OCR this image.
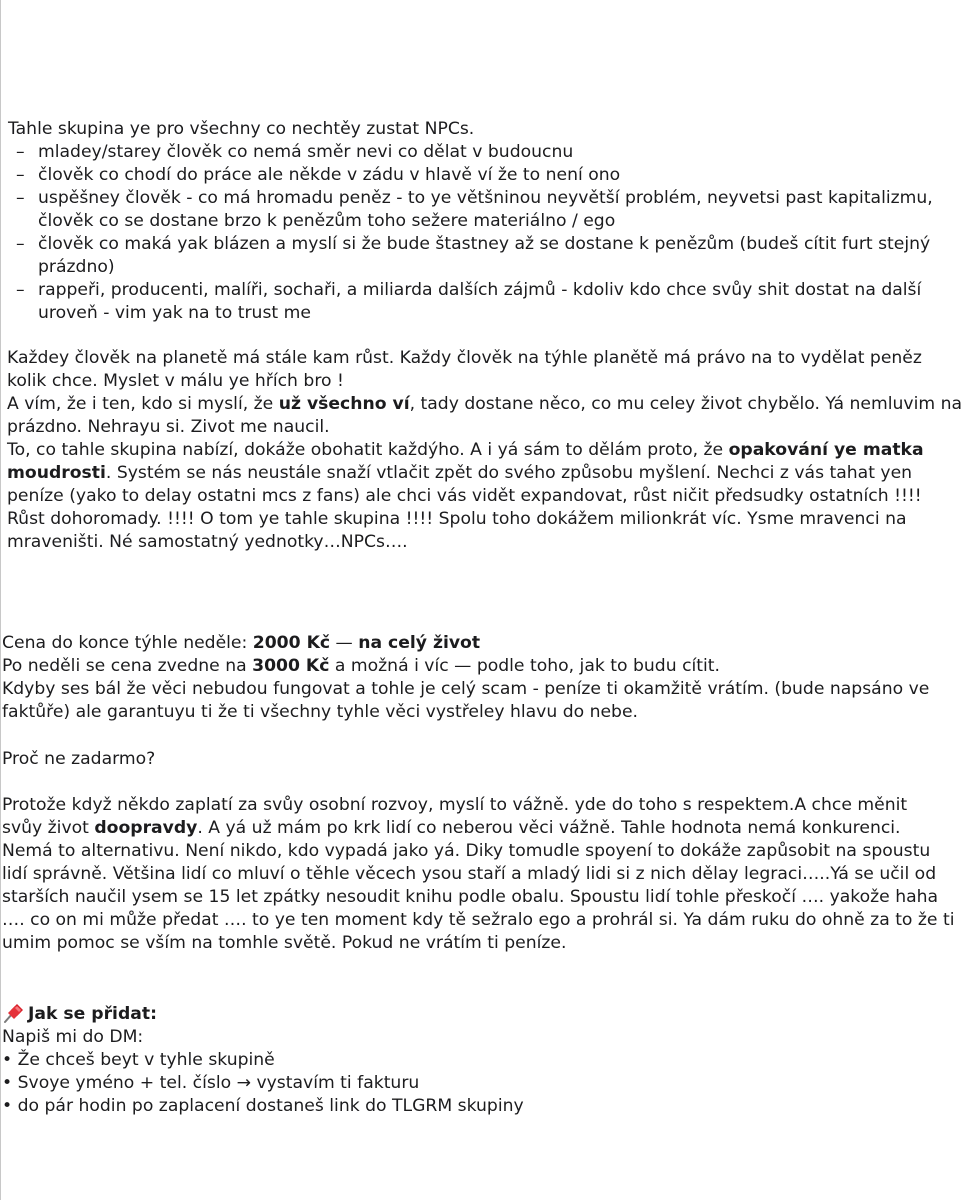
Tahle skupina ye pro všechny co nechtěy zustat NPCs.

– mladey/starey člověk co nemá směr nevi co dělat v budoucnu
– člověk co chodí do práce ale někde v zádu v hlavě ví že to není ono
– uspěšney člověk - co má hromadu peněz - to ye většninou neyvětší problém, neyvetsi past kapitalizmu,
člověk co se dostane brzo k penězům toho sežere materiálno / ego
– člověk co maká yak blázen a myslí si že bude štastney až se dostane k penězům (budeš cítit furt stejný
prázdno)
– rappeři, producenti, malíři, sochaři, a miliarda dalších zájmů - kdoliv kdo chce svůy shit dostat na další
uroveň - vim yak na to trust me

Každey člověk na planetě má stále kam růst. Každy člověk na týhle planětě má právo na to vydělat peněz

kolik chce. Myslet v málu ye hřích bro !

A vím, že i ten, kdo si myslí, že už všechno ví, tady dostane něco, co mu celey život chybělo. Yá nemluvim na

prázdno. Nehrayu si. Zivot me naucil.

To, co tahle skupina nabízí, dokáže obohatit každýho. A i yá sám to dělám proto, že opakování ye matka

moudrosti. Systém se nás neustále snaží vtlačit zpět do svého způsobu myšlení. Nechci z vás tahat yen

peníze (yako to delay ostatni mcs z fans) ale chci vás vidět expandovat, růst ničit předsudky ostatních !!!!

Růst dohoromady. !!!! O tom ye tahle skupina !!!! Spolu toho dokážem milionkrát víc. Ysme mravenci na

mraveništi. Né samostatný yednotky…NPCs….

Cena do konce týhle neděle: 2000 Kč — na celý život

Po neděli se cena zvedne na 3000 Kč a možná i víc — podle toho, jak to budu cítit.

Kdyby ses bál že věci nebudou fungovat a tohle je celý scam - peníze ti okamžitě vrátím. (bude napsáno ve

faktůře) ale garantuyu ti že ti všechny tyhle věci vystřeley hlavu do nebe.

Proč ne zadarmo?

Protože když někdo zaplatí za svůy osobní rozvoy, myslí to vážně. yde do toho s respektem.A chce měnit

svůy život doopravdy. A yá už mám po krk lidí co neberou věci vážně. Tahle hodnota nemá konkurenci.

Nemá to alternativu. Není nikdo, kdo vypadá jako yá. Diky tomudle spoyení to dokáže zapůsobit na spoustu

lidí správně. Většina lidí co mluví o těhle věcech ysou staří a mladý lidi si z nich dělay legraci…..Yá se učil od

starších naučil ysem se 15 let zpátky nesoudit knihu podle obalu. Spoustu lidí tohle přeskočí …. yakože haha

…. co on mi může předat …. to ye ten moment kdy tě sežralo ego a prohrál si. Ya dám ruku do ohně za to že ti

umim pomoc se vším na tomhle světě. Pokud ne vrátím ti peníze.

Jak se přidat:

Napiš mi do DM:

• Že chceš beyt v tyhle skupině

• Svoye yméno + tel. číslo → vystavím ti fakturu

• do pár hodin po zaplacení dostaneš link do TLGRM skupiny
